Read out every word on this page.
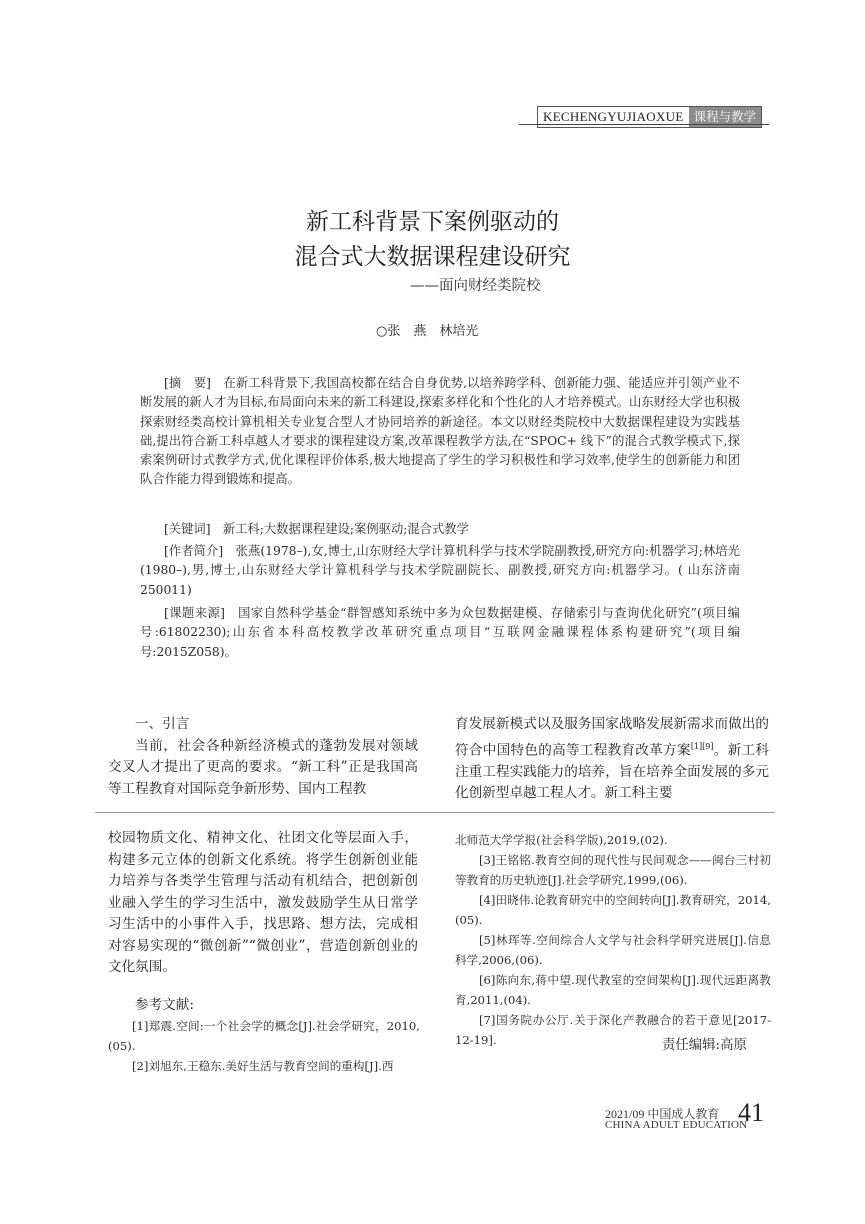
KECHENGYUJIAOXUE 课程与教学
新工科背景下案例驱动的
混合式大数据课程建设研究
——面向财经类院校
○张　燕　林培光

[摘　要]　 在新工科背景下,我国高校都在结合自身优势,以培养跨学科、创新能力强、能适应并引领产业不断发展的新人才为目标,布局面向未来的新工科建设,探索多样化和个性化的人才培养模式。山东财经大学也积极探索财经类高校计算机相关专业复合型人才协同培养的新途径。本文以财经类院校中大数据课程建设为实践基础,提出符合新工科卓越人才要求的课程建设方案,改革课程教学方法,在“SPOC+ 线下”的混合式教学模式下,探索案例研讨式教学方式,优化课程评价体系,极大地提高了学生的学习积极性和学习效率,使学生的创新能力和团队合作能力得到锻炼和提高。

[关键词]　 新工科;大数据课程建设;案例驱动;混合式教学

[作者简介]　 张燕(1978–),女,博士,山东财经大学计算机科学与技术学院副教授,研究方向:机器学习;林培光(1980–),男,博士,山东财经大学计算机科学与技术学院副院长、副教授,研究方向:机器学习。( 山东济南　250011)

[课题来源]　 国家自然科学基金“群智感知系统中多为众包数据建模、存储索引与查询优化研究”(项目编号:61802230);山东省本科高校教学改革研究重点项目“互联网金融课程体系构建研究”(项目编号:2015Z058)。

一、引言

当前，社会各种新经济模式的蓬勃发展对领域交叉人才提出了更高的要求。“新工科”正是我国高等工程教育对国际竞争新形势、国内工程教

育发展新模式以及服务国家战略发展新需求而做出的符合中国特色的高等工程教育改革方案[1][9]。新工科注重工程实践能力的培养，旨在培养全面发展的多元化创新型卓越工程人才。新工科主要
校园物质文化、精神文化、社团文化等层面入手，构建多元立体的创新文化系统。将学生创新创业能力培养与各类学生管理与活动有机结合，把创新创业融入学生的学习生活中，激发鼓励学生从日常学习生活中的小事件入手，找思路、想方法，完成相对容易实现的“微创新”“微创业”，营造创新创业的文化氛围。
参考文献:

[1]郑震.空间:一个社会学的概念[J].社会学研究，2010,(05).

[2]刘旭东,王稳东.美好生活与教育空间的重构[J].西

北师范大学学报(社会科学版),2019,(02).

[3]王铭铭.教育空间的现代性与民间观念——闽台三村初等教育的历史轨迹[J].社会学研究,1999,(06).

[4]田晓伟.论教育研究中的空间转向[J].教育研究，2014,(05).

[5]林珲等.空间综合人文学与社会科学研究进展[J].信息科学,2006,(06).

[6]陈向东,蒋中望.现代教室的空间架构[J].现代远距离教育,2011,(04).

[7]国务院办公厅.关于深化产教融合的若干意见[2017-12-19].	责任编辑:高原
2021/09 中国成人教育
CHINA ADULT EDUCATION
41
